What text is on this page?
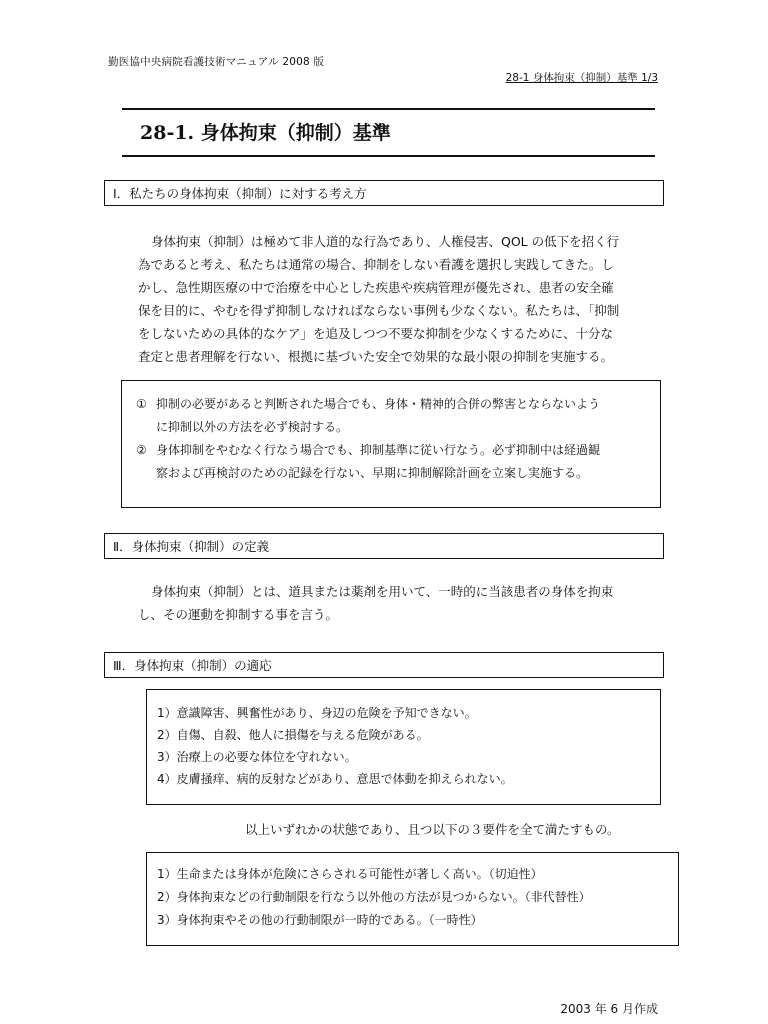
勤医協中央病院看護技術マニュアル 2008 版
28-1 身体拘束（抑制）基準 1/3
28-1. 身体拘束（抑制）基準
Ⅰ．私たちの身体拘束（抑制）に対する考え方

身体拘束（抑制）は極めて非人道的な行為であり、人権侵害、QOL の低下を招く行

為であると考え、私たちは通常の場合、抑制をしない看護を選択し実践してきた。し

かし、急性期医療の中で治療を中心とした疾患や疾病管理が優先され、患者の安全確

保を目的に、やむを得ず抑制しなければならない事例も少なくない。私たちは、「抑制

をしないための具体的なケア」を追及しつつ不要な抑制を少なくするために、十分な

査定と患者理解を行ない、根拠に基づいた安全で効果的な最小限の抑制を実施する。

① 抑制の必要があると判断された場合でも、身体・精神的合併の弊害とならないよう
に抑制以外の方法を必ず検討する。
② 身体抑制をやむなく行なう場合でも、抑制基準に従い行なう。必ず抑制中は経過観
察および再検討のための記録を行ない、早期に抑制解除計画を立案し実施する。
Ⅱ．身体拘束（抑制）の定義

身体拘束（抑制）とは、道具または薬剤を用いて、一時的に当該患者の身体を拘束

し、その運動を抑制する事を言う。

Ⅲ．身体拘束（抑制）の適応
1）意識障害、興奮性があり、身辺の危険を予知できない。
2）自傷、自殺、他人に損傷を与える危険がある。
3）治療上の必要な体位を守れない。
4）皮膚掻痒、病的反射などがあり、意思で体動を抑えられない。
以上いずれかの状態であり、且つ以下の３要件を全て満たすもの。
1）生命または身体が危険にさらされる可能性が著しく高い。（切迫性）
2）身体拘束などの行動制限を行なう以外他の方法が見つからない。（非代替性）
3）身体拘束やその他の行動制限が一時的である。（一時性）
2003 年 6 月作成
